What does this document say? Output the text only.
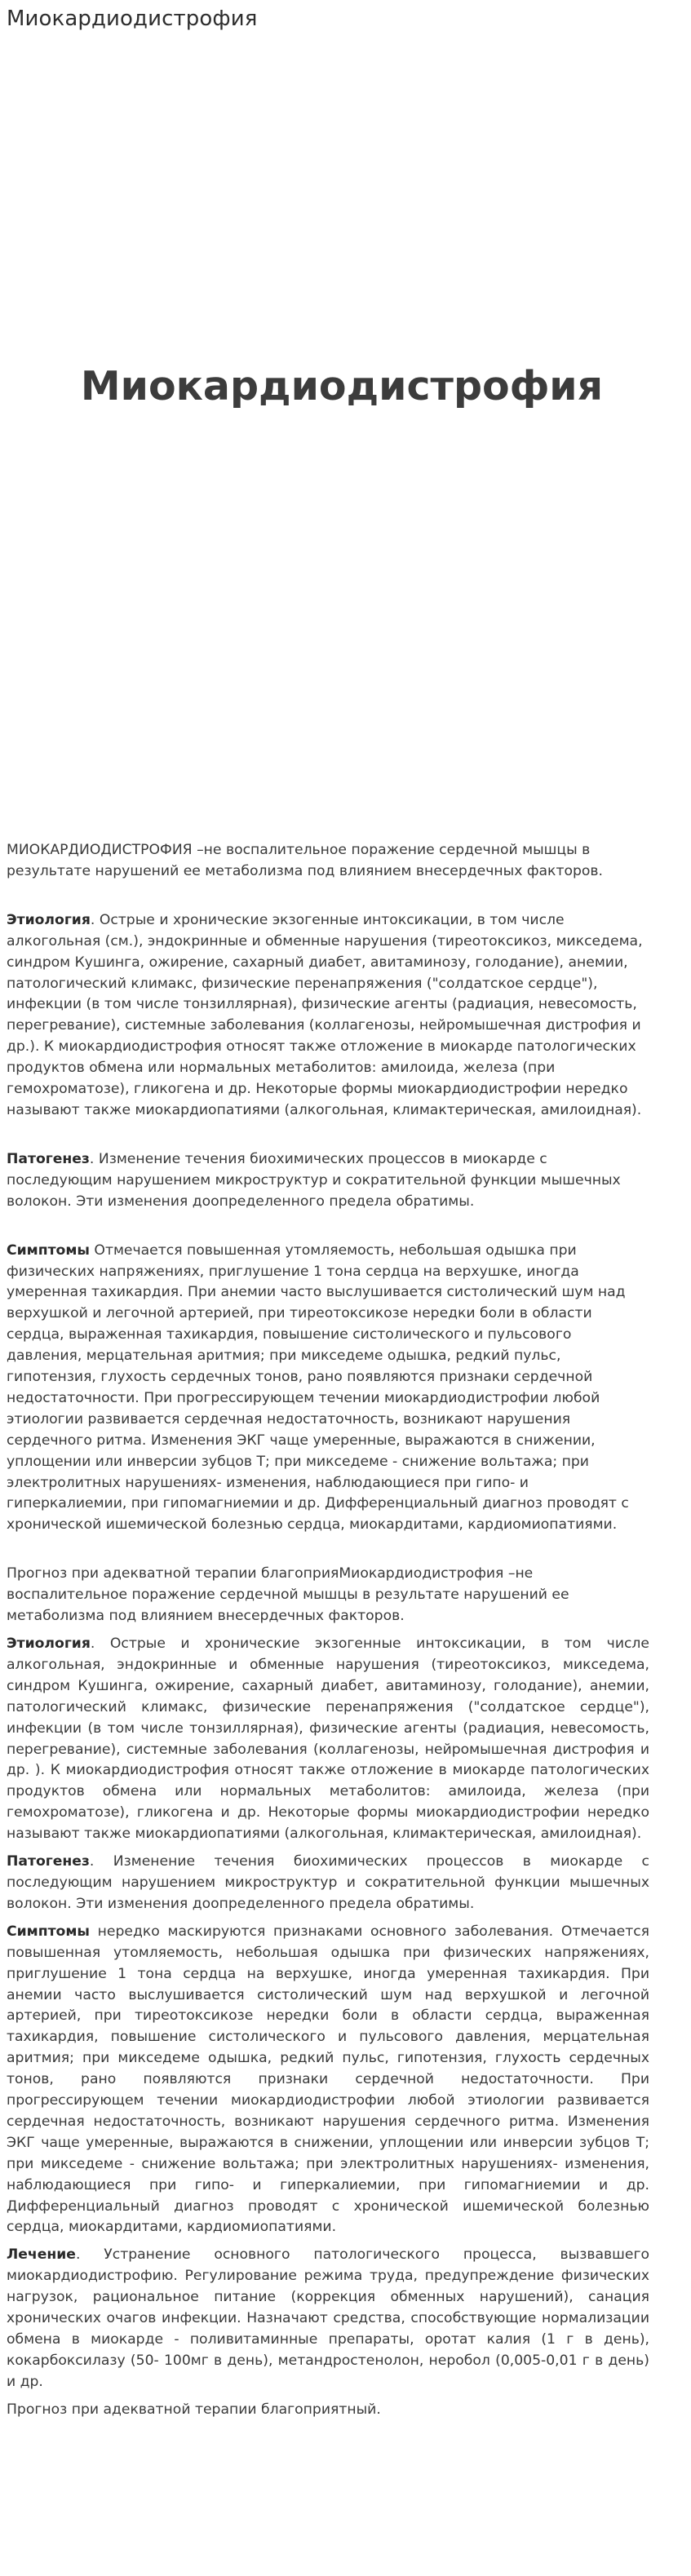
Миокардиодистрофия
Миокардиодистрофия

МИОКАРДИОДИСТРОФИЯ –не воспалительное поражение сердечной мышцы в результате нарушений ее метаболизма под влиянием внесердечных факторов.

Этиология. Острые и хронические экзогенные интоксикации, в том числе алкогольная (см.), эндокринные и обменные нарушения (тиреотоксикоз, микседема, синдром Кушинга, ожирение, сахарный диабет, авитаминозу, голодание), анемии, патологический климакс, физические перенапряжения ("солдатское сердце"), инфекции (в том числе тонзиллярная), физические агенты (радиация, невесомость, перегревание), системные заболевания (коллагенозы, нейромышечная дистрофия и др.). К миокардиодистрофия относят также отложение в миокарде патологических продуктов обмена или нормальных метаболитов: амилоида, железа (при гемохроматозе), гликогена и др. Некоторые формы миокардиодистрофии нередко называют также миокардиопатиями (алкогольная, климактерическая, амилоидная).

Патогенез. Изменение течения биохимических процессов в миокарде с последующим нарушением микроструктур и сократительной функции мышечных волокон. Эти изменения доопределенного предела обратимы.

Симптомы Отмечается повышенная утомляемость, небольшая одышка при физических напряжениях, приглушение 1 тона сердца на верхушке, иногда умеренная тахикардия. При анемии часто выслушивается систолический шум над верхушкой и легочной артерией, при тиреотоксикозе нередки боли в области сердца, выраженная тахикардия, повышение систолического и пульсового давления, мерцательная аритмия; при микседеме одышка, редкий пульс, гипотензия, глухость сердечных тонов, рано появляются признаки сердечной недостаточности. При прогрессирующем течении миокардиодистрофии любой этиологии развивается сердечная недостаточность, возникают нарушения сердечного ритма. Изменения ЭКГ чаще умеренные, выражаются в снижении, уплощении или инверсии зубцов Т; при микседеме - снижение вольтажа; при электролитных нарушениях- изменения, наблюдающиеся при гипо- и гиперкалиемии, при гипомагниемии и др. Дифференциальный диагноз проводят с хронической ишемической болезнью сердца, миокардитами, кардиомиопатиями.

Прогноз при адекватной терапии благоприяМиокардиодистрофия –не воспалительное поражение сердечной мышцы в результате нарушений ее метаболизма под влиянием внесердечных факторов.

Этиология. Острые и хронические экзогенные интоксикации, в том числе алкогольная, эндокринные и обменные нарушения (тиреотоксикоз, микседема, синдром Кушинга, ожирение, сахарный диабет, авитаминозу, голодание), анемии, патологический климакс, физические перенапряжения ("солдатское сердце"), инфекции (в том числе тонзиллярная), физические агенты (радиация, невесомость, перегревание), системные заболевания (коллагенозы, нейромышечная дистрофия и др. ). К миокардиодистрофия относят также отложение в миокарде патологических продуктов обмена или нормальных метаболитов: амилоида, железа (при гемохроматозе), гликогена и др. Некоторые формы миокардиодистрофии нередко называют также миокардиопатиями (алкогольная, климактерическая, амилоидная).

Патогенез. Изменение течения биохимических процессов в миокарде с последующим нарушением микроструктур и сократительной функции мышечных волокон. Эти изменения доопределенного предела обратимы.

Симптомы нередко маскируются признаками основного заболевания. Отмечается повышенная утомляемость, небольшая одышка при физических напряжениях, приглушение 1 тона сердца на верхушке, иногда умеренная тахикардия. При анемии часто выслушивается систолический шум над верхушкой и легочной артерией, при тиреотоксикозе нередки боли в области сердца, выраженная тахикардия, повышение систолического и пульсового давления, мерцательная аритмия; при микседеме одышка, редкий пульс, гипотензия, глухость сердечных тонов, рано появляются признаки сердечной недостаточности. При прогрессирующем течении миокардиодистрофии любой этиологии развивается сердечная недостаточность, возникают нарушения сердечного ритма. Изменения ЭКГ чаще умеренные, выражаются в снижении, уплощении или инверсии зубцов Т; при микседеме - снижение вольтажа; при электролитных нарушениях- изменения, наблюдающиеся при гипо- и гиперкалиемии, при гипомагниемии и др. Дифференциальный диагноз проводят с хронической ишемической болезнью сердца, миокардитами, кардиомиопатиями.

Лечение. Устранение основного патологического процесса, вызвавшего миокардиодистрофию. Регулирование режима труда, предупреждение физических нагрузок, рациональное питание (коррекция обменных нарушений), санация хронических очагов инфекции. Назначают средства, способствующие нормализации обмена в миокарде - поливитаминные препараты, оротат калия (1 г в день), кокарбоксилазу (50- 100мг в день), метандростенолон, неробол (0,005-0,01 г в день) и др.

Прогноз при адекватной терапии благоприятный.
